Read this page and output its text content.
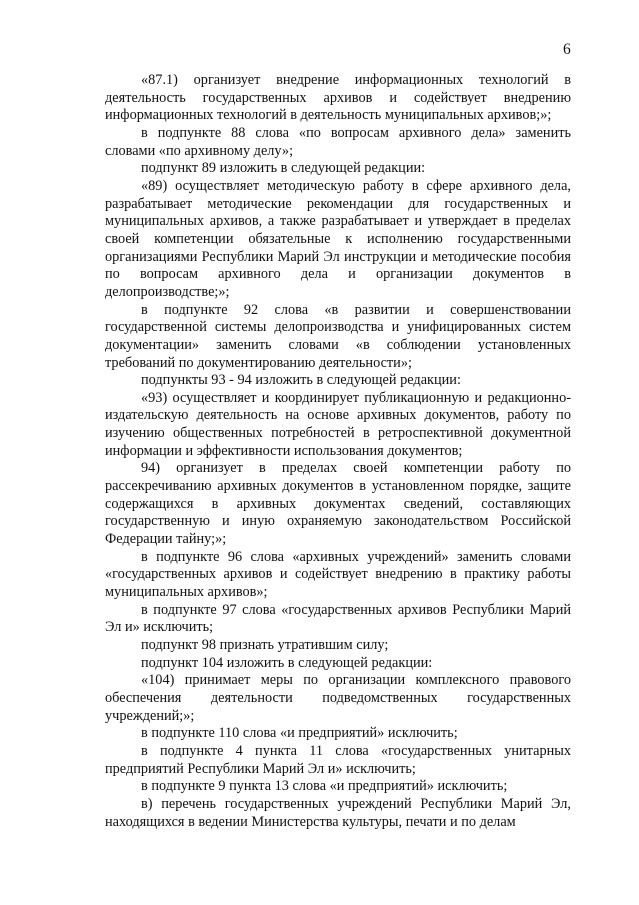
6

«87.1) организует внедрение информационных технологий в деятельность государственных архивов и содействует внедрению информационных технологий в деятельность муниципальных архивов;»;

в подпункте 88 слова «по вопросам архивного дела» заменить словами «по архивному делу»;

подпункт 89 изложить в следующей редакции:

«89) осуществляет методическую работу в сфере архивного дела, разрабатывает методические рекомендации для государственных и муниципальных архивов, а также разрабатывает и утверждает в пределах своей компетенции обязательные к исполнению государственными организациями Республики Марий Эл инструкции и методические пособия по вопросам архивного дела и организации документов в делопроизводстве;»;

в подпункте 92 слова «в развитии и совершенствовании государственной системы делопроизводства и унифицированных систем документации» заменить словами «в соблюдении установленных требований по документированию деятельности»;

подпункты 93 - 94 изложить в следующей редакции:

«93) осуществляет и координирует публикационную и редакционно-издательскую деятельность на основе архивных документов, работу по изучению общественных потребностей в ретроспективной документной информации и эффективности использования документов;

94) организует в пределах своей компетенции работу по рассекречиванию архивных документов в установленном порядке, защите содержащихся в архивных документах сведений, составляющих государственную и иную охраняемую законодательством Российской Федерации тайну;»;

в подпункте 96 слова «архивных учреждений» заменить словами «государственных архивов и содействует внедрению в практику работы муниципальных архивов»;

в подпункте 97 слова «государственных архивов Республики Марий Эл и» исключить;

подпункт 98 признать утратившим силу;

подпункт 104 изложить в следующей редакции:

«104) принимает меры по организации комплексного правового обеспечения деятельности подведомственных государственных учреждений;»;

в подпункте 110 слова «и предприятий» исключить;

в подпункте 4 пункта 11 слова «государственных унитарных предприятий Республики Марий Эл и» исключить;

в подпункте 9 пункта 13 слова «и предприятий» исключить;

в) перечень государственных учреждений Республики Марий Эл, находящихся в ведении Министерства культуры, печати и по делам
